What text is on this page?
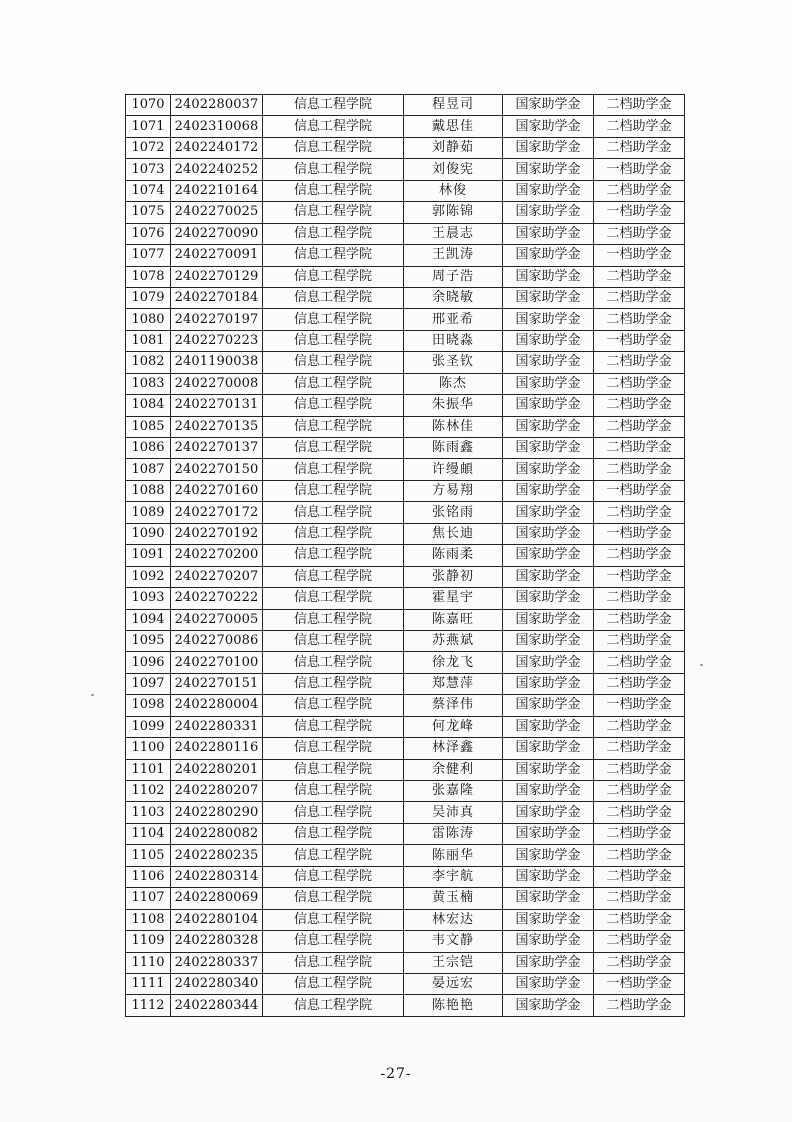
1070	2402280037	信息工程学院	程昱司	国家助学金	二档助学金
1071	2402310068	信息工程学院	戴思佳	国家助学金	二档助学金
1072	2402240172	信息工程学院	刘静茹	国家助学金	二档助学金
1073	2402240252	信息工程学院	刘俊宪	国家助学金	一档助学金
1074	2402210164	信息工程学院	林俊	国家助学金	二档助学金
1075	2402270025	信息工程学院	郭陈锦	国家助学金	一档助学金
1076	2402270090	信息工程学院	王晨志	国家助学金	二档助学金
1077	2402270091	信息工程学院	王凯涛	国家助学金	一档助学金
1078	2402270129	信息工程学院	周子浩	国家助学金	二档助学金
1079	2402270184	信息工程学院	余晓敏	国家助学金	二档助学金
1080	2402270197	信息工程学院	邢亚希	国家助学金	二档助学金
1081	2402270223	信息工程学院	田晓淼	国家助学金	一档助学金
1082	2401190038	信息工程学院	张圣钦	国家助学金	二档助学金
1083	2402270008	信息工程学院	陈杰	国家助学金	二档助学金
1084	2402270131	信息工程学院	朱振华	国家助学金	二档助学金
1085	2402270135	信息工程学院	陈林佳	国家助学金	二档助学金
1086	2402270137	信息工程学院	陈雨鑫	国家助学金	二档助学金
1087	2402270150	信息工程学院	许缦頔	国家助学金	二档助学金
1088	2402270160	信息工程学院	方易翔	国家助学金	一档助学金
1089	2402270172	信息工程学院	张铭雨	国家助学金	二档助学金
1090	2402270192	信息工程学院	焦长迪	国家助学金	一档助学金
1091	2402270200	信息工程学院	陈雨柔	国家助学金	二档助学金
1092	2402270207	信息工程学院	张静初	国家助学金	一档助学金
1093	2402270222	信息工程学院	霍星宇	国家助学金	二档助学金
1094	2402270005	信息工程学院	陈嘉旺	国家助学金	二档助学金
1095	2402270086	信息工程学院	苏燕斌	国家助学金	二档助学金
1096	2402270100	信息工程学院	徐龙飞	国家助学金	二档助学金
1097	2402270151	信息工程学院	郑慧萍	国家助学金	二档助学金
1098	2402280004	信息工程学院	蔡泽伟	国家助学金	一档助学金
1099	2402280331	信息工程学院	何龙峰	国家助学金	二档助学金
1100	2402280116	信息工程学院	林泽鑫	国家助学金	二档助学金
1101	2402280201	信息工程学院	余健利	国家助学金	二档助学金
1102	2402280207	信息工程学院	张嘉隆	国家助学金	二档助学金
1103	2402280290	信息工程学院	吴沛真	国家助学金	二档助学金
1104	2402280082	信息工程学院	雷陈涛	国家助学金	二档助学金
1105	2402280235	信息工程学院	陈丽华	国家助学金	二档助学金
1106	2402280314	信息工程学院	李宇航	国家助学金	二档助学金
1107	2402280069	信息工程学院	黄玉楠	国家助学金	二档助学金
1108	2402280104	信息工程学院	林宏达	国家助学金	二档助学金
1109	2402280328	信息工程学院	韦文静	国家助学金	二档助学金
1110	2402280337	信息工程学院	王宗铠	国家助学金	二档助学金
1111	2402280340	信息工程学院	晏远宏	国家助学金	一档助学金
1112	2402280344	信息工程学院	陈艳艳	国家助学金	二档助学金
-27-
